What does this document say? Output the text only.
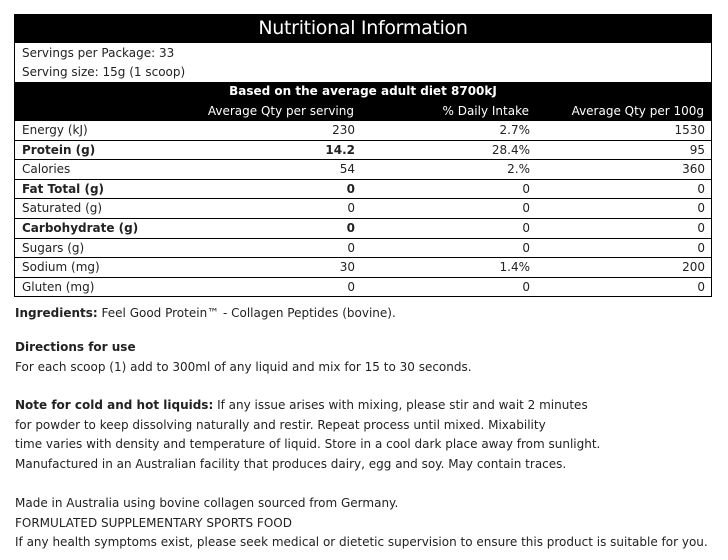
Nutritional Information
Servings per Package: 33
Serving size: 15g (1 scoop)
Based on the average adult diet 8700kJ
Average Qty per serving	% Daily Intake	Average Qty per 100g
Energy (kJ)	230	2.7%	1530
Protein (g)	14.2	28.4%	95
Calories	54	2.%	360
Fat Total (g)	0	0	0
Saturated (g)	0	0	0
Carbohydrate (g)	0	0	0
Sugars (g)	0	0	0
Sodium (mg)	30	1.4%	200
Gluten (mg)	0	0	0
Ingredients: Feel Good Protein™ - Collagen Peptides (bovine).
Directions for use
For each scoop (1) add to 300ml of any liquid and mix for 15 to 30 seconds.
Note for cold and hot liquids: If any issue arises with mixing, please stir and wait 2 minutes
for powder to keep dissolving naturally and restir. Repeat process until mixed. Mixability
time varies with density and temperature of liquid. Store in a cool dark place away from sunlight.
Manufactured in an Australian facility that produces dairy, egg and soy. May contain traces.
Made in Australia using bovine collagen sourced from Germany.
FORMULATED SUPPLEMENTARY SPORTS FOOD
If any health symptoms exist, please seek medical or dietetic supervision to ensure this product is suitable for you.
